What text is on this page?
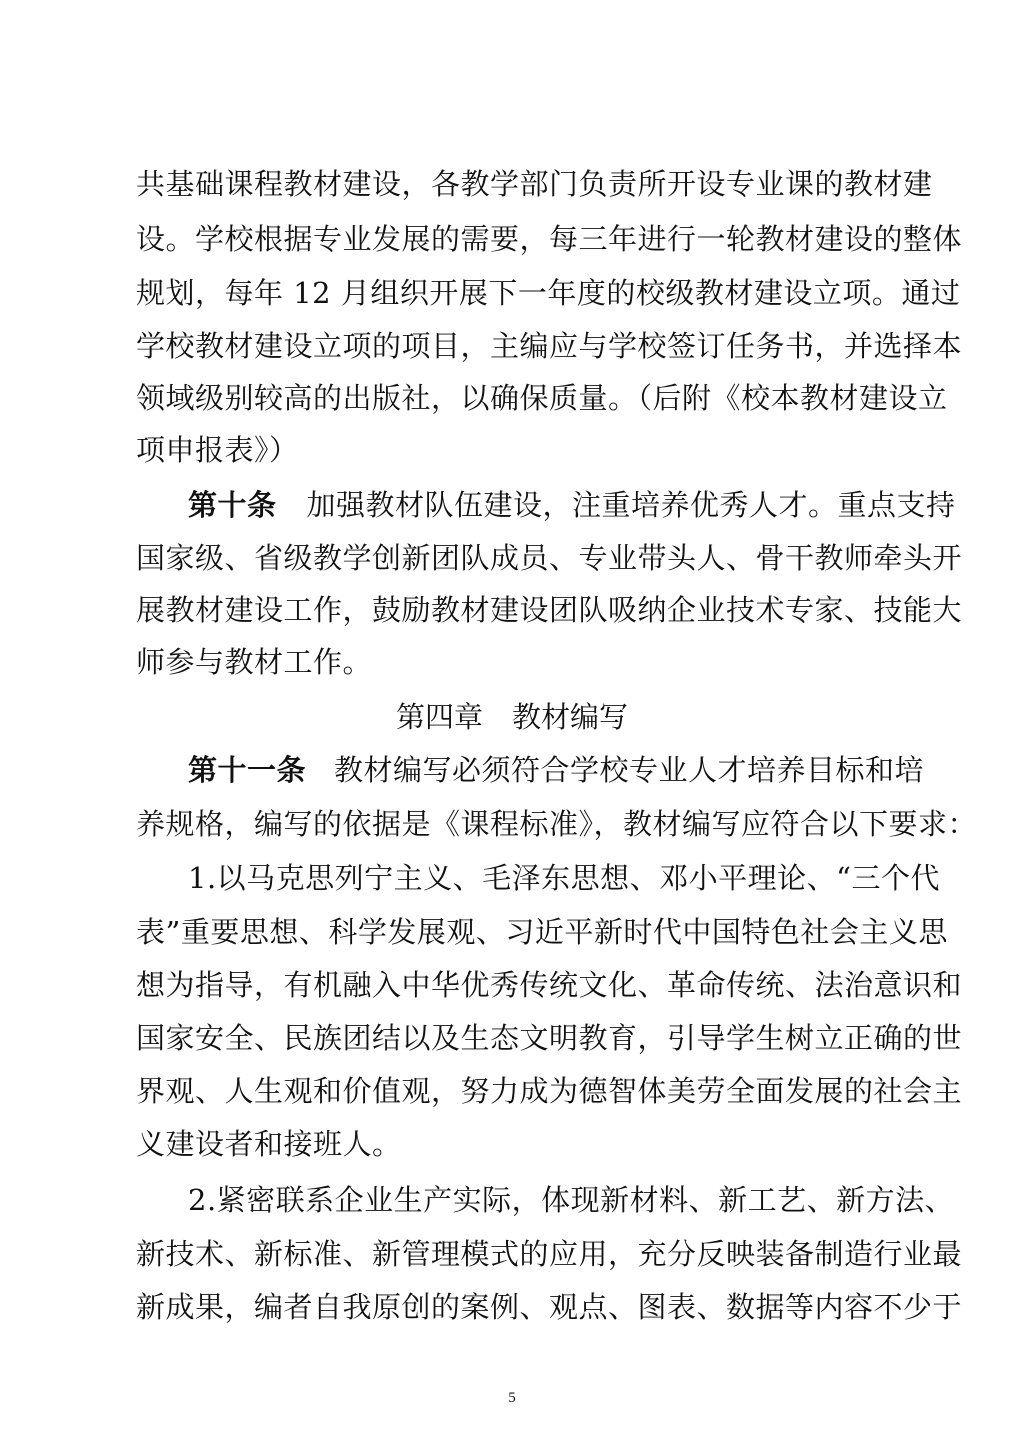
共基础课程教材建设，各教学部门负责所开设专业课的教材建
设。学校根据专业发展的需要，每三年进行一轮教材建设的整体
规划，每年 12 月组织开展下一年度的校级教材建设立项。通过
学校教材建设立项的项目，主编应与学校签订任务书，并选择本
领域级别较高的出版社，以确保质量。（后附《校本教材建设立
项申报表》）
第十条 加强教材队伍建设，注重培养优秀人才。重点支持
国家级、省级教学创新团队成员、专业带头人、骨干教师牵头开
展教材建设工作，鼓励教材建设团队吸纳企业技术专家、技能大
师参与教材工作。
第四章　教材编写
第十一条 教材编写必须符合学校专业人才培养目标和培
养规格，编写的依据是《课程标准》，教材编写应符合以下要求：
1.以马克思列宁主义、毛泽东思想、邓小平理论、“三个代
表”重要思想、科学发展观、习近平新时代中国特色社会主义思
想为指导，有机融入中华优秀传统文化、革命传统、法治意识和
国家安全、民族团结以及生态文明教育，引导学生树立正确的世
界观、人生观和价值观，努力成为德智体美劳全面发展的社会主
义建设者和接班人。
2.紧密联系企业生产实际，体现新材料、新工艺、新方法、
新技术、新标准、新管理模式的应用，充分反映装备制造行业最
新成果，编者自我原创的案例、观点、图表、数据等内容不少于
5
